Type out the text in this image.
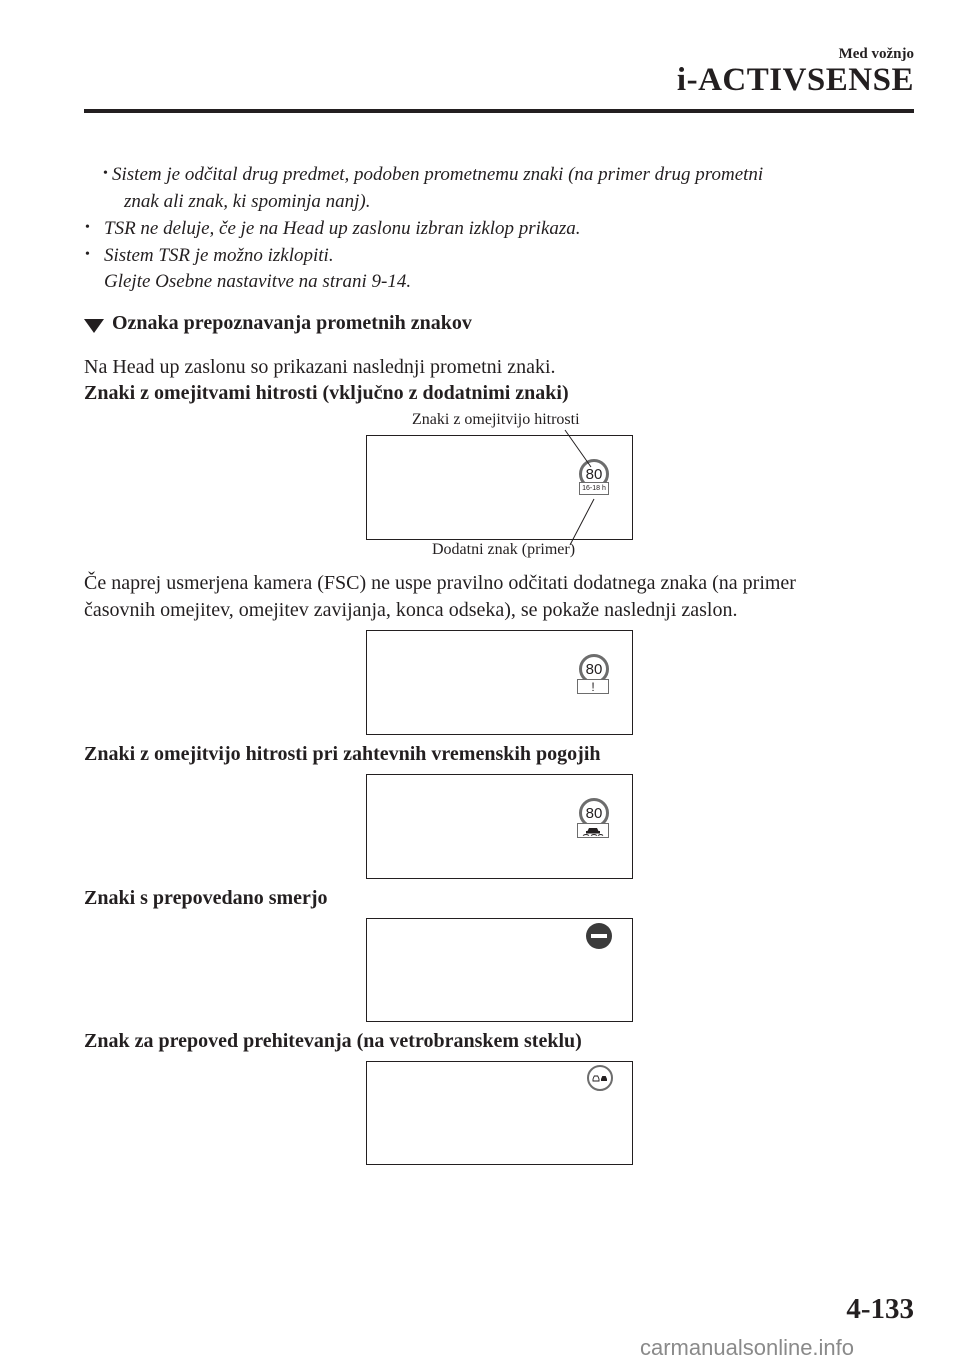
Med vožnjo
i-ACTIVSENSE
• Sistem je odčital drug predmet, podoben prometnemu znaki (na primer drug prometni
znak ali znak, ki spominja nanj).
• TSR ne deluje, če je na Head up zaslonu izbran izklop prikaza.
• Sistem TSR je možno izklopiti.
Glejte Osebne nastavitve na strani 9-14.
Oznaka prepoznavanja prometnih znakov
Na Head up zaslonu so prikazani naslednji prometni znaki.
Znaki z omejitvami hitrosti (vključno z dodatnimi znaki)
Znaki z omejitvijo hitrosti
80
16-18 h
Dodatni znak (primer)
Če naprej usmerjena kamera (FSC) ne uspe pravilno odčitati dodatnega znaka (na primer
časovnih omejitev, omejitev zavijanja, konca odseka), se pokaže naslednji zaslon.
80
!
Znaki z omejitvijo hitrosti pri zahtevnih vremenskih pogojih
80
Znaki s prepovedano smerjo
Znak za prepoved prehitevanja (na vetrobranskem steklu)
4-133
carmanualsonline.info
